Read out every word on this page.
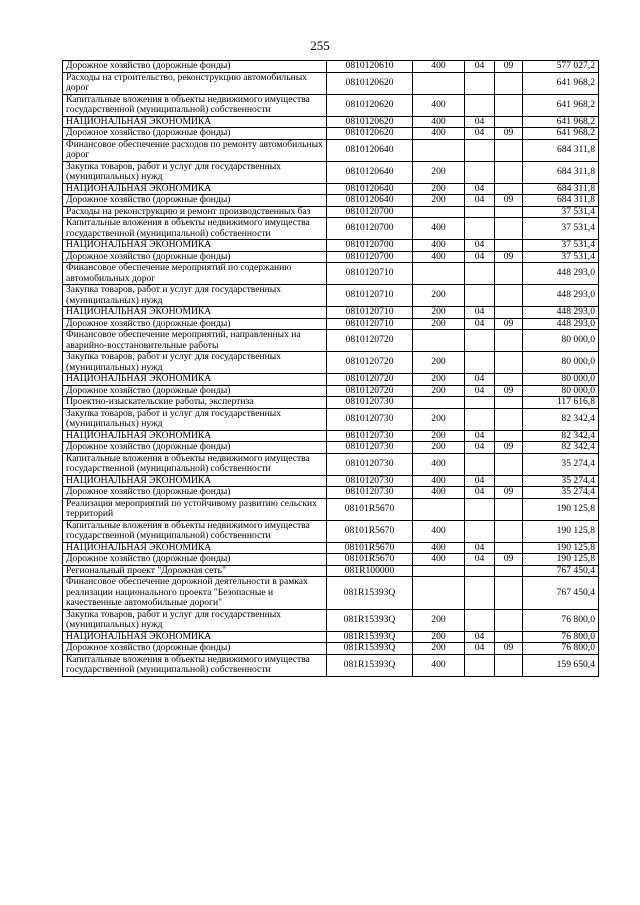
255
Дорожное хозяйство (дорожные фонды)	0810120610	400	04	09	577 027,2
Расходы на строительство, реконструкцию автомобильных дорог	0810120620				641 968,2
Капитальные вложения в объекты недвижимого имущества государственной (муниципальной) собственности	0810120620	400			641 968,2
НАЦИОНАЛЬНАЯ ЭКОНОМИКА	0810120620	400	04		641 968,2
Дорожное хозяйство (дорожные фонды)	0810120620	400	04	09	641 968,2
Финансовое обеспечение расходов по ремонту автомобильных дорог	0810120640				684 311,8
Закупка товаров, работ и услуг для государственных (муниципальных) нужд	0810120640	200			684 311,8
НАЦИОНАЛЬНАЯ ЭКОНОМИКА	0810120640	200	04		684 311,8
Дорожное хозяйство (дорожные фонды)	0810120640	200	04	09	684 311,8
Расходы на реконструкцию и ремонт производственных баз	0810120700				37 531,4
Капитальные вложения в объекты недвижимого имущества государственной (муниципальной) собственности	0810120700	400			37 531,4
НАЦИОНАЛЬНАЯ ЭКОНОМИКА	0810120700	400	04		37 531,4
Дорожное хозяйство (дорожные фонды)	0810120700	400	04	09	37 531,4
Финансовое обеспечение мероприятий по содержанию автомобильных дорог	0810120710				448 293,0
Закупка товаров, работ и услуг для государственных (муниципальных) нужд	0810120710	200			448 293,0
НАЦИОНАЛЬНАЯ ЭКОНОМИКА	0810120710	200	04		448 293,0
Дорожное хозяйство (дорожные фонды)	0810120710	200	04	09	448 293,0
Финансовое обеспечение мероприятий, направленных на аварийно-восстановительные работы	0810120720				80 000,0
Закупка товаров, работ и услуг для государственных (муниципальных) нужд	0810120720	200			80 000,0
НАЦИОНАЛЬНАЯ ЭКОНОМИКА	0810120720	200	04		80 000,0
Дорожное хозяйство (дорожные фонды)	0810120720	200	04	09	80 000,0
Проектно-изыскательские работы, экспертиза	0810120730				117 616,8
Закупка товаров, работ и услуг для государственных (муниципальных) нужд	0810120730	200			82 342,4
НАЦИОНАЛЬНАЯ ЭКОНОМИКА	0810120730	200	04		82 342,4
Дорожное хозяйство (дорожные фонды)	0810120730	200	04	09	82 342,4
Капитальные вложения в объекты недвижимого имущества государственной (муниципальной) собственности	0810120730	400			35 274,4
НАЦИОНАЛЬНАЯ ЭКОНОМИКА	0810120730	400	04		35 274,4
Дорожное хозяйство (дорожные фонды)	0810120730	400	04	09	35 274,4
Реализация мероприятий по устойчивому развитию сельских территорий	08101R5670				190 125,8
Капитальные вложения в объекты недвижимого имущества государственной (муниципальной) собственности	08101R5670	400			190 125,8
НАЦИОНАЛЬНАЯ ЭКОНОМИКА	08101R5670	400	04		190 125,8
Дорожное хозяйство (дорожные фонды)	08101R5670	400	04	09	190 125,8
Региональный проект "Дорожная сеть"	081R100000				767 450,4
Финансовое обеспечение дорожной деятельности в рамках реализации национального проекта "Безопасные и качественные автомобильные дороги"	081R15393Q				767 450,4
Закупка товаров, работ и услуг для государственных (муниципальных) нужд	081R15393Q	200			76 800,0
НАЦИОНАЛЬНАЯ ЭКОНОМИКА	081R15393Q	200	04		76 800,0
Дорожное хозяйство (дорожные фонды)	081R15393Q	200	04	09	76 800,0
Капитальные вложения в объекты недвижимого имущества государственной (муниципальной) собственности	081R15393Q	400			159 650,4
